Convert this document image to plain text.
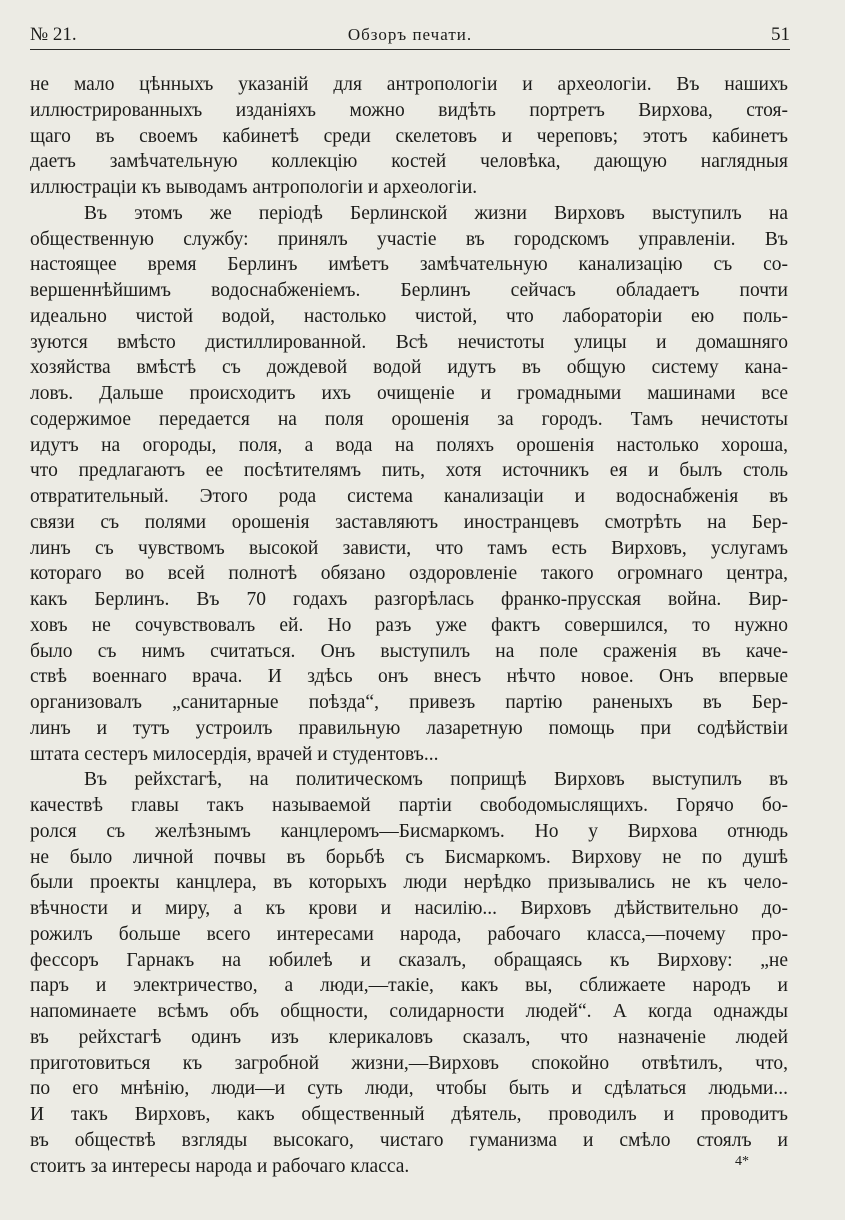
№ 21.	Обзоръ печати.	51
не мало цѣнныхъ указаній для антропологіи и археологіи. Въ нашихъ
иллюстрированныхъ изданіяхъ можно видѣть портретъ Вирхова, стоя-
щаго въ своемъ кабинетѣ среди скелетовъ и череповъ; этотъ кабинетъ
даетъ замѣчательную коллекцію костей человѣка, дающую наглядныя
иллюстраціи къ выводамъ антропологіи и археологіи.
Въ этомъ же періодѣ Берлинской жизни Вирховъ выступилъ на
общественную службу: принялъ участіе въ городскомъ управленіи. Въ
настоящее время Берлинъ имѣетъ замѣчательную канализацію съ со-
вершеннѣйшимъ водоснабженіемъ. Берлинъ сейчасъ обладаетъ почти
идеально чистой водой, настолько чистой, что лабораторіи ею поль-
зуются вмѣсто дистиллированной. Всѣ нечистоты улицы и домашняго
хозяйства вмѣстѣ съ дождевой водой идутъ въ общую систему кана-
ловъ. Дальше происходитъ ихъ очищеніе и громадными машинами все
содержимое передается на поля орошенія за городъ. Тамъ нечистоты
идутъ на огороды, поля, а вода на поляхъ орошенія настолько хороша,
что предлагаютъ ее посѣтителямъ пить, хотя источникъ ея и былъ столь
отвратительный. Этого рода система канализаціи и водоснабженія въ
связи съ полями орошенія заставляютъ иностранцевъ смотрѣть на Бер-
линъ съ чувствомъ высокой зависти, что тамъ есть Вирховъ, услугамъ
котораго во всей полнотѣ обязано оздоровленіе такого огромнаго центра,
какъ Берлинъ. Въ 70 годахъ разгорѣлась франко-прусская война. Вир-
ховъ не сочувствовалъ ей. Но разъ уже фактъ совершился, то нужно
было съ нимъ считаться. Онъ выступилъ на поле сраженія въ каче-
ствѣ военнаго врача. И здѣсь онъ внесъ нѣчто новое. Онъ впервые
организовалъ „санитарные поѣзда“, привезъ партію раненыхъ въ Бер-
линъ и тутъ устроилъ правильную лазаретную помощь при содѣйствіи
штата сестеръ милосердія, врачей и студентовъ...
Въ рейхстагѣ, на политическомъ поприщѣ Вирховъ выступилъ въ
качествѣ главы такъ называемой партіи свободомыслящихъ. Горячо бо-
ролся съ желѣзнымъ канцлеромъ—Бисмаркомъ. Но у Вирхова отнюдь
не было личной почвы въ борьбѣ съ Бисмаркомъ. Вирхову не по душѣ
были проекты канцлера, въ которыхъ люди нерѣдко призывались не къ чело-
вѣчности и миру, а къ крови и насилію... Вирховъ дѣйствительно до-
рожилъ больше всего интересами народа, рабочаго класса,—почему про-
фессоръ Гарнакъ на юбилеѣ и сказалъ, обращаясь къ Вирхову: „не
паръ и электричество, а люди,—такіе, какъ вы, сближаете народъ и
напоминаете всѣмъ объ общности, солидарности людей“. А когда однажды
въ рейхстагѣ одинъ изъ клерикаловъ сказалъ, что назначеніе людей
приготовиться къ загробной жизни,—Вирховъ спокойно отвѣтилъ, что,
по его мнѣнію, люди—и суть люди, чтобы быть и сдѣлаться людьми...
И такъ Вирховъ, какъ общественный дѣятель, проводилъ и проводитъ
въ обществѣ взгляды высокаго, чистаго гуманизма и смѣло стоялъ и
стоитъ за интересы народа и рабочаго класса.	4*
